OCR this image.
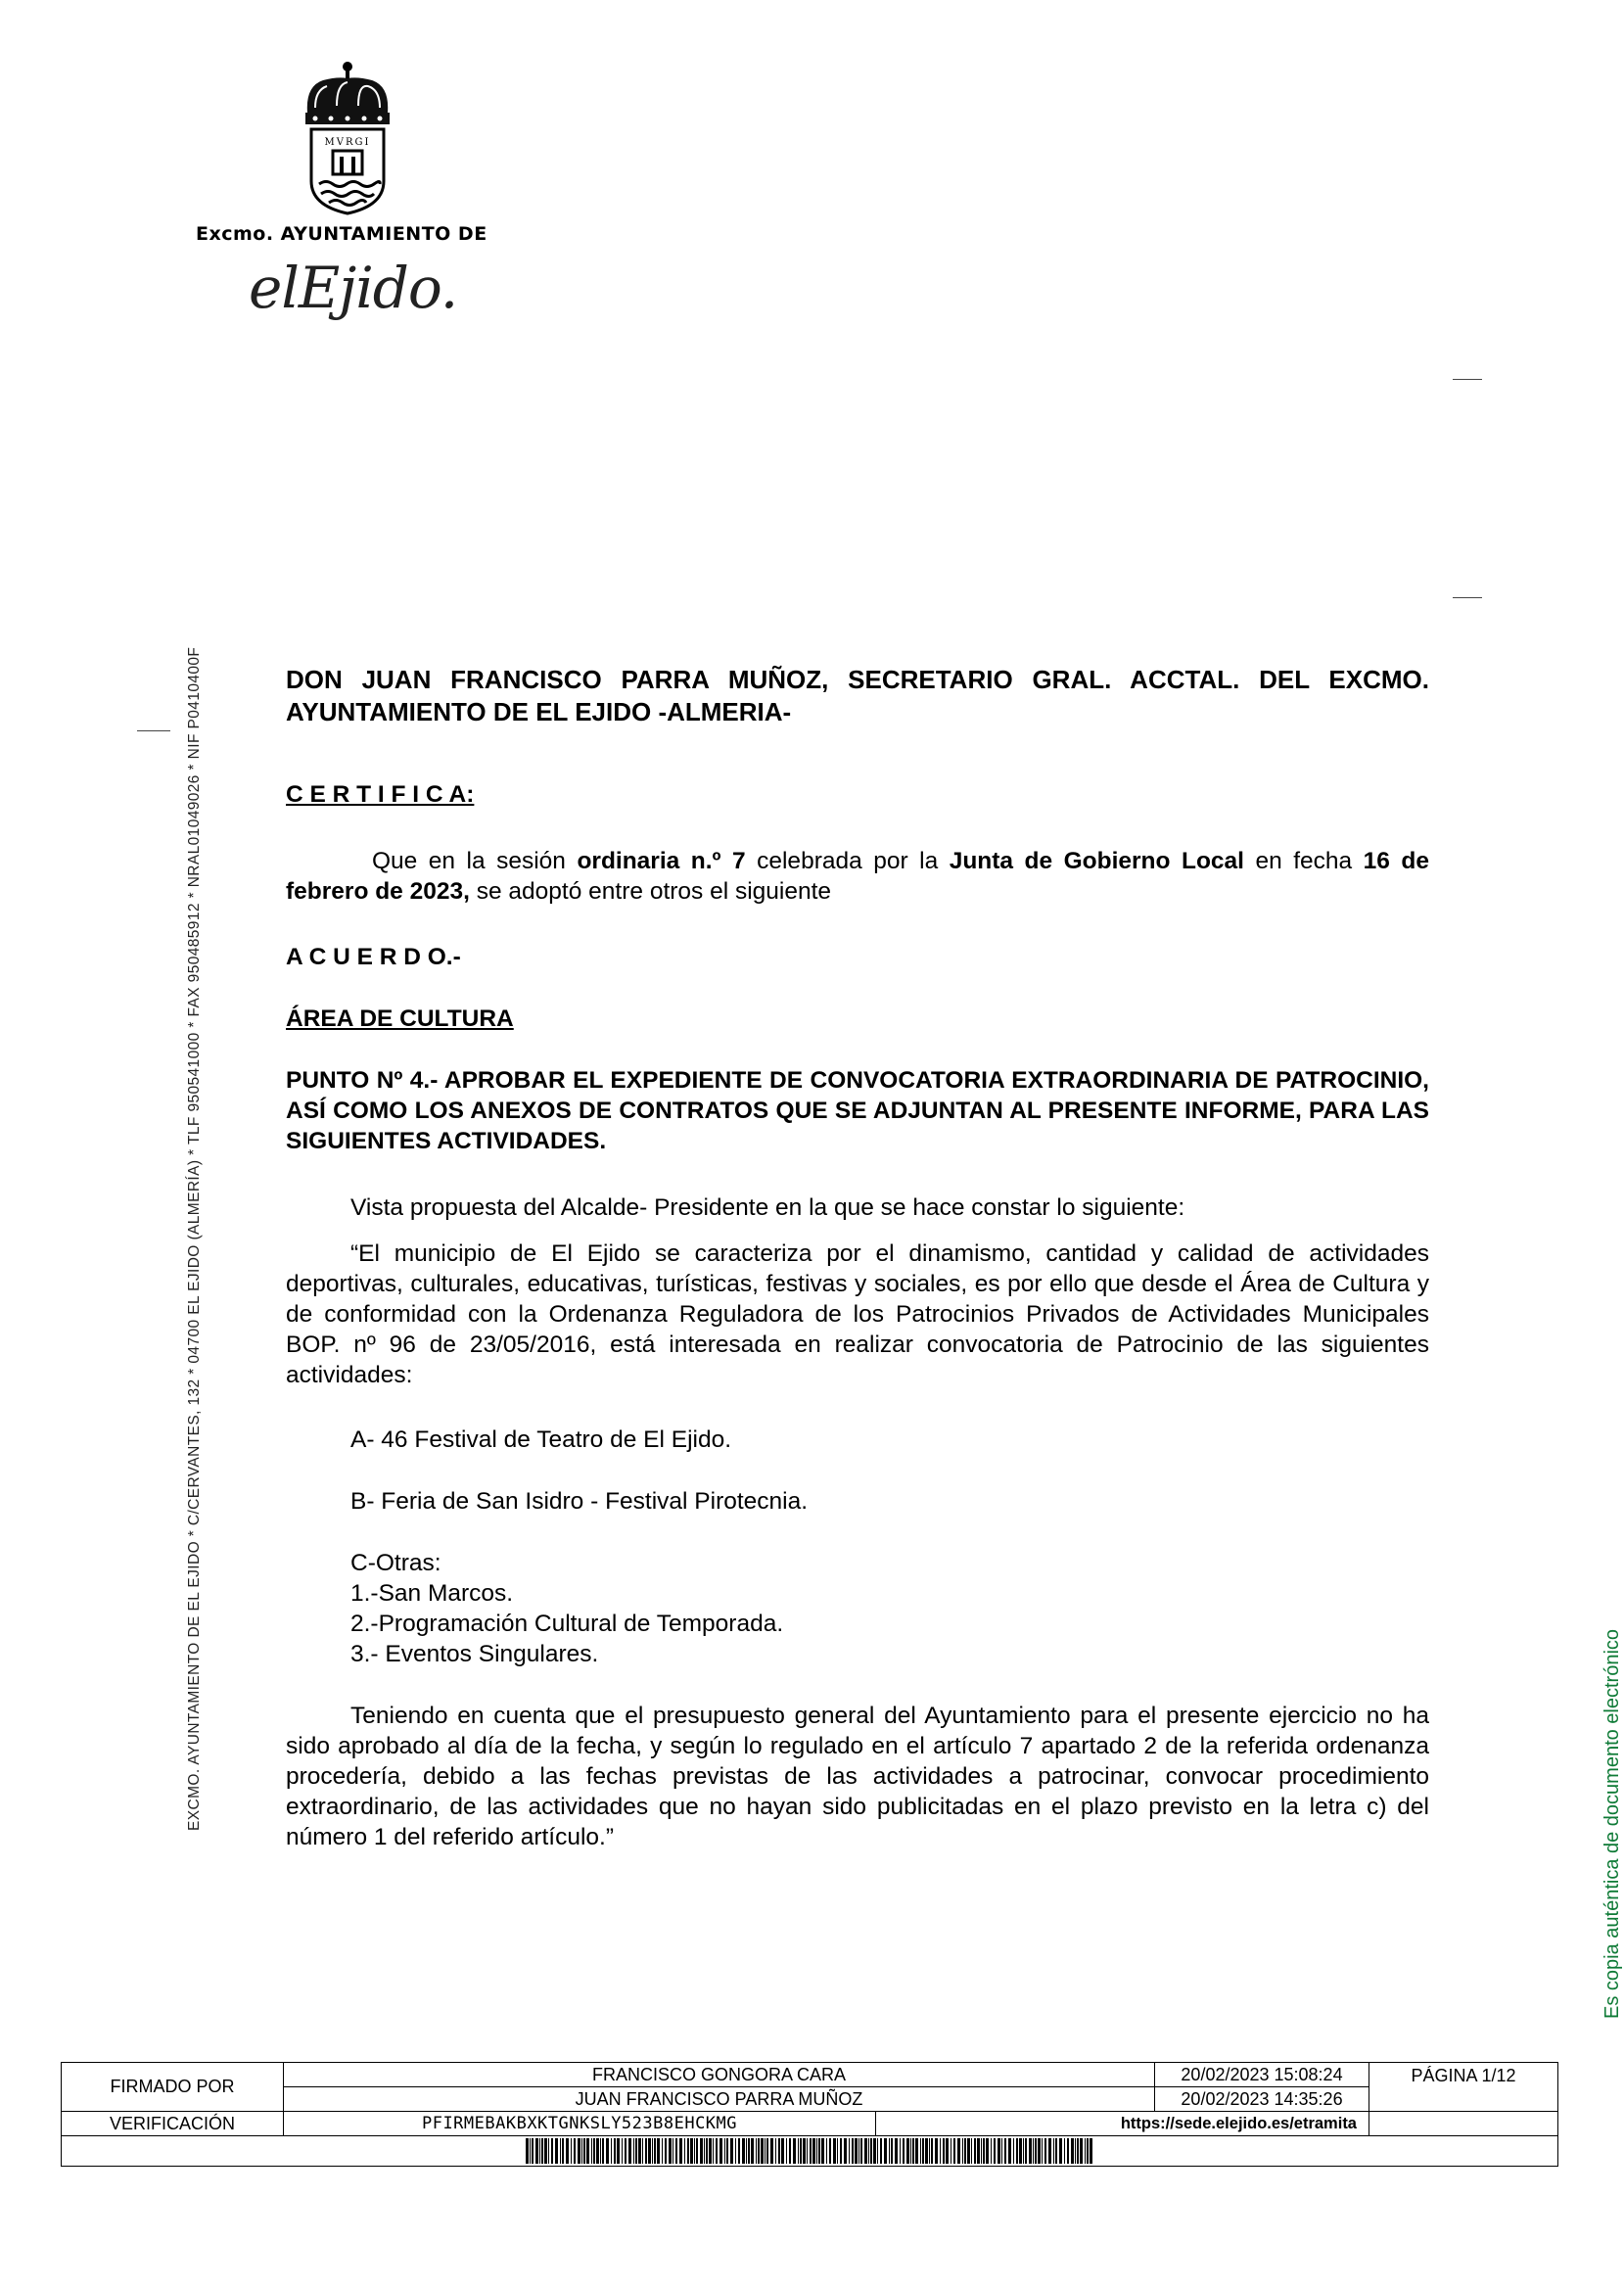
MVRGI
Excmo. AYUNTAMIENTO DE
elEjido.
EXCMO. AYUNTAMIENTO DE EL EJIDO * C/CERVANTES, 132 * 04700 EL EJIDO (ALMERÍA) * TLF 950541000 * FAX 950485912 * NRAL01049026 * NIF P0410400F	Es copia auténtica de documento electrónico

DON JUAN FRANCISCO PARRA MUÑOZ, SECRETARIO GRAL. ACCTAL. DEL EXCMO. AYUNTAMIENTO DE EL EJIDO -ALMERIA-

C E R T I F I C A:

Que en la sesión ordinaria n.º 7 celebrada por la Junta de Gobierno Local en fecha 16 de febrero de 2023, se adoptó entre otros el siguiente

A C U E R D O.-

ÁREA DE CULTURA

PUNTO Nº 4.- APROBAR EL EXPEDIENTE DE CONVOCATORIA EXTRAORDINARIA DE PATROCINIO, ASÍ COMO LOS ANEXOS DE CONTRATOS QUE SE ADJUNTAN AL PRESENTE INFORME, PARA LAS SIGUIENTES ACTIVIDADES.

Vista propuesta del Alcalde- Presidente en la que se hace constar lo siguiente:

“El municipio de El Ejido se caracteriza por el dinamismo, cantidad y calidad de actividades deportivas, culturales, educativas, turísticas, festivas y sociales, es por ello que desde el Área de Cultura y de conformidad con la Ordenanza Reguladora de los Patrocinios Privados de Actividades Municipales BOP. nº 96 de 23/05/2016, está interesada en realizar convocatoria de Patrocinio de las siguientes actividades:

A- 46 Festival de Teatro de El Ejido.

B- Feria de San Isidro - Festival Pirotecnia.

C-Otras:

1.-San Marcos.

2.-Programación Cultural de Temporada.

3.- Eventos Singulares.

Teniendo en cuenta que el presupuesto general del Ayuntamiento para el presente ejercicio no ha sido aprobado al día de la fecha, y según lo regulado en el artículo 7 apartado 2 de la referida ordenanza procedería, debido a las fechas previstas de las actividades a patrocinar, convocar procedimiento extraordinario, de las actividades que no hayan sido publicitadas en el plazo previsto en la letra c) del número 1 del referido artículo.”

FIRMADO POR	FRANCISCO GONGORA CARA		20/02/2023 15:08:24	PÁGINA 1/12
	JUAN FRANCISCO PARRA MUÑOZ		20/02/2023 14:35:26	
VERIFICACIÓN	PFIRMEBAKBXKTGNKSLY523B8EHCKMG	https://sede.elejido.es/etramita		
